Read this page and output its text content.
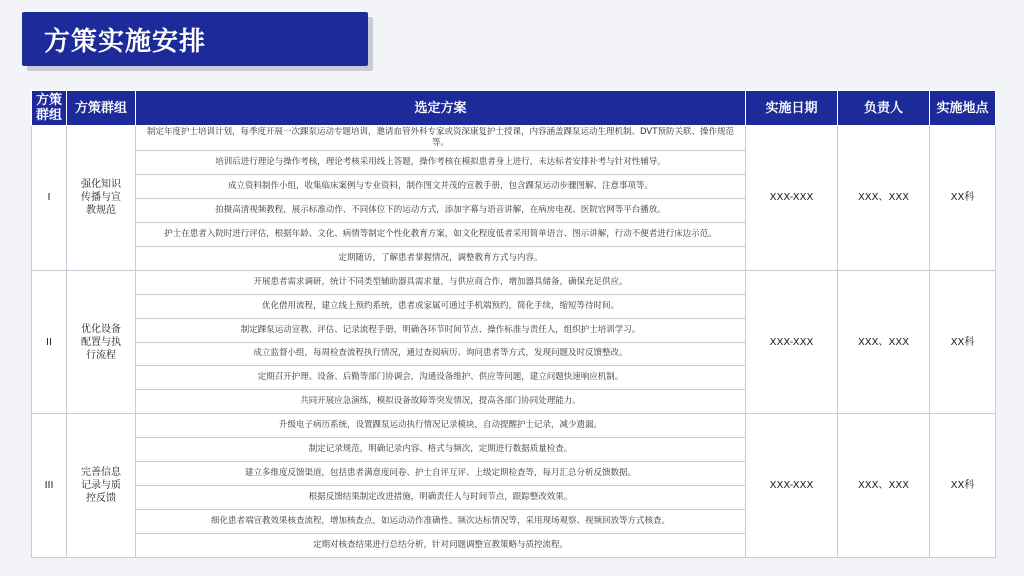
方策实施安排
方策群组	方策群组	选定方案	实施日期	负责人	实施地点
I	强化知识传播与宣教规范	制定年度护士培训计划，每季度开展一次踝泵运动专题培训，邀请血管外科专家或资深康复护士授课，内容涵盖踝泵运动生理机制、DVT预防关联、操作规范等。	XXX-XXX	XXX、XXX	XX科
		培训后进行理论与操作考核，理论考核采用线上答题，操作考核在模拟患者身上进行，未达标者安排补考与针对性辅导。			
		成立资料制作小组，收集临床案例与专业资料，制作图文并茂的宣教手册，包含踝泵运动步骤图解、注意事项等。			
		拍摄高清视频教程，展示标准动作、不同体位下的运动方式，添加字幕与语音讲解，在病房电视、医院官网等平台播放。			
		护士在患者入院时进行评估，根据年龄、文化、病情等制定个性化教育方案，如文化程度低者采用简单语言、图示讲解，行动不便者进行床边示范。			
		定期随访，了解患者掌握情况，调整教育方式与内容。			
II	优化设备配置与执行流程	开展患者需求调研，统计不同类型辅助器具需求量，与供应商合作，增加器具储备，确保充足供应。	XXX-XXX	XXX、XXX	XX科
		优化借用流程，建立线上预约系统，患者或家属可通过手机端预约，简化手续，缩短等待时间。			
		制定踝泵运动宣教、评估、记录流程手册，明确各环节时间节点、操作标准与责任人，组织护士培训学习。			
		成立监督小组，每周检查流程执行情况，通过查阅病历、询问患者等方式，发现问题及时反馈整改。			
		定期召开护理、设备、后勤等部门协调会，沟通设备维护、供应等问题，建立问题快速响应机制。			
		共同开展应急演练，模拟设备故障等突发情况，提高各部门协同处理能力。			
III	完善信息记录与质控反馈	升级电子病历系统，设置踝泵运动执行情况记录模块，自动提醒护士记录，减少遗漏。	XXX-XXX	XXX、XXX	XX科
		制定记录规范，明确记录内容、格式与频次，定期进行数据质量检查。			
		建立多维度反馈渠道，包括患者满意度问卷、护士自评互评、上级定期检查等，每月汇总分析反馈数据。			
		根据反馈结果制定改进措施，明确责任人与时间节点，跟踪整改效果。			
		细化患者端宣教效果核查流程，增加核查点，如运动动作准确性、频次达标情况等，采用现场观察、视频回放等方式核查。			
		定期对核查结果进行总结分析，针对问题调整宣教策略与质控流程。			
